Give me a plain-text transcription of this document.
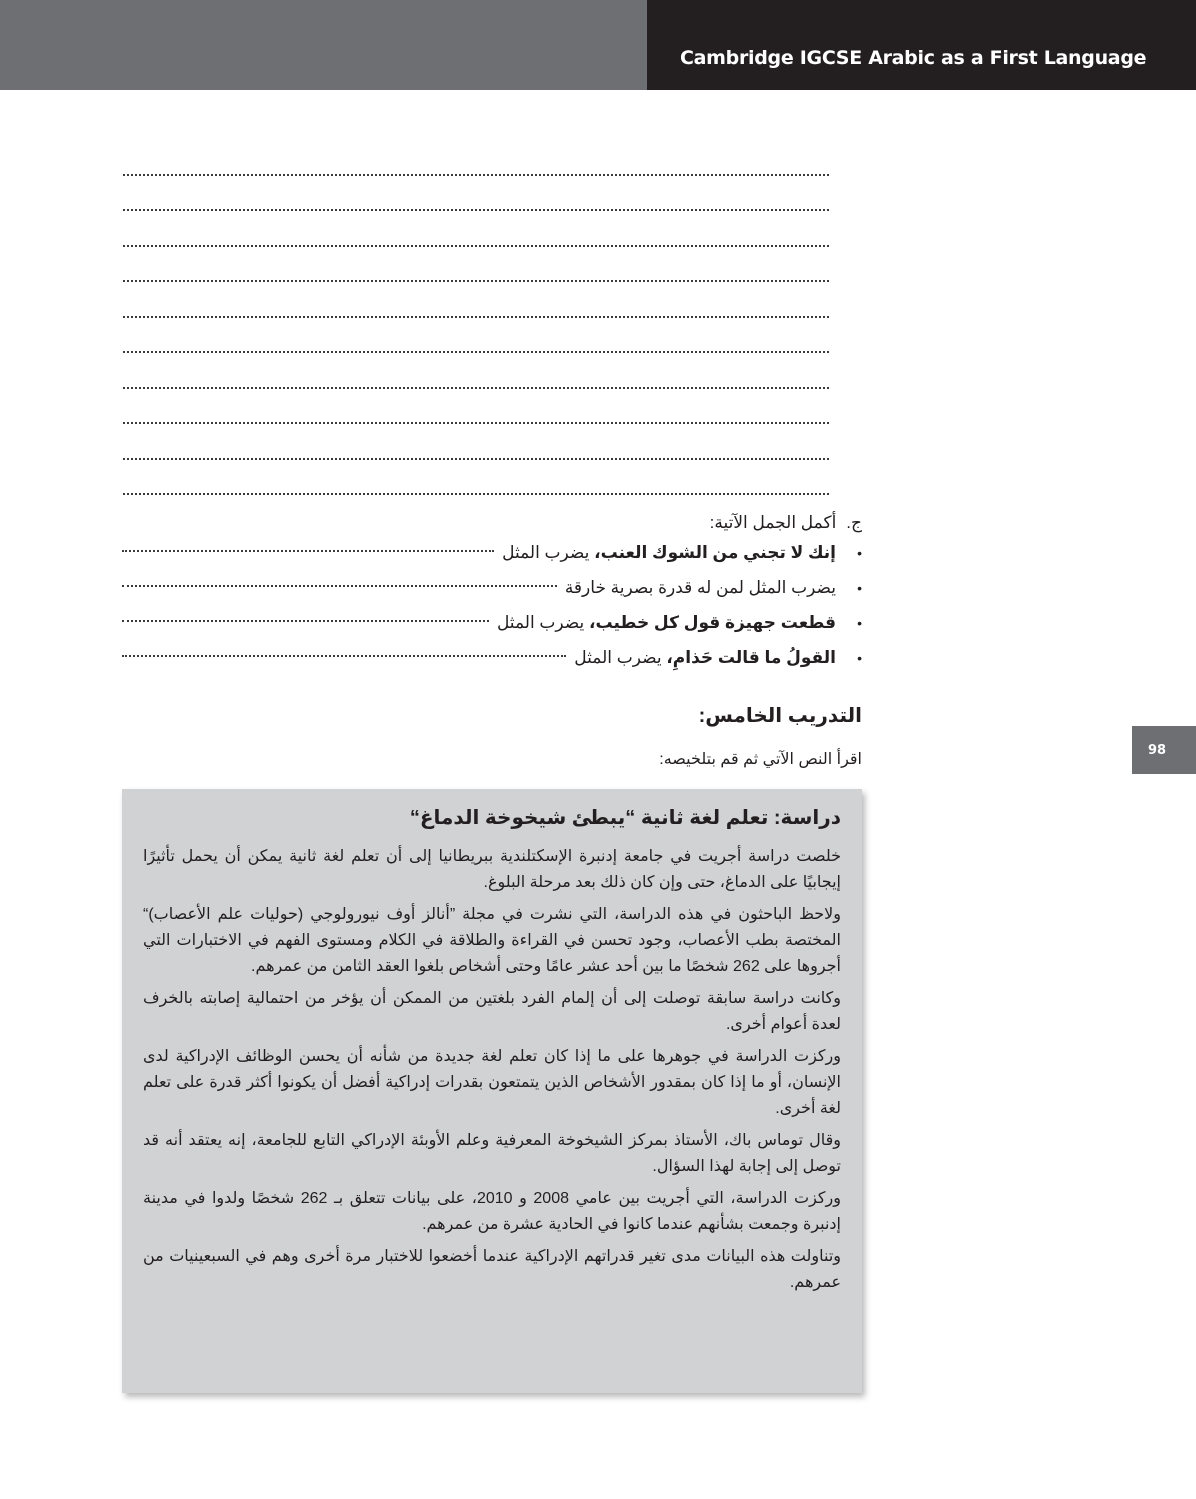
Cambridge IGCSE Arabic as a First Language
ج.
أكمل الجمل الآتية:
•
إنك لا تجني من الشوك العنب، يضرب المثل
•
يضرب المثل لمن له قدرة بصرية خارقة
•
قطعت جهيزة قول كل خطيب، يضرب المثل
•
القولُ ما قالت حَذامِ، يضرب المثل
التدريب الخامس:
اقرأ النص الآتي ثم قم بتلخيصه:
دراسة: تعلم لغة ثانية “يبطئ شيخوخة الدماغ“

خلصت دراسة أجريت في جامعة إدنبرة الإسكتلندية ببريطانيا إلى أن تعلم لغة ثانية يمكن أن يحمل تأثيرًا إيجابيًا على الدماغ، حتى وإن كان ذلك بعد مرحلة البلوغ.

ولاحظ الباحثون في هذه الدراسة، التي نشرت في مجلة ”أنالز أوف نيورولوجي (حوليات علم الأعصاب)“ المختصة بطب الأعصاب، وجود تحسن في القراءة والطلاقة في الكلام ومستوى الفهم في الاختبارات التي أجروها على 262 شخصًا ما بين أحد عشر عامًا وحتى أشخاص بلغوا العقد الثامن من عمرهم.

وكانت دراسة سابقة توصلت إلى أن إلمام الفرد بلغتين من الممكن أن يؤخر من احتمالية إصابته بالخرف لعدة أعوام أخرى.

وركزت الدراسة في جوهرها على ما إذا كان تعلم لغة جديدة من شأنه أن يحسن الوظائف الإدراكية لدى الإنسان، أو ما إذا كان بمقدور الأشخاص الذين يتمتعون بقدرات إدراكية أفضل أن يكونوا أكثر قدرة على تعلم لغة أخرى.

وقال توماس باك، الأستاذ بمركز الشيخوخة المعرفية وعلم الأوبئة الإدراكي التابع للجامعة، إنه يعتقد أنه قد توصل إلى إجابة لهذا السؤال.

وركزت الدراسة، التي أجريت بين عامي 2008 و 2010، على بيانات تتعلق بـ 262 شخصًا ولدوا في مدينة إدنبرة وجمعت بشأنهم عندما كانوا في الحادية عشرة من عمرهم.

وتناولت هذه البيانات مدى تغير قدراتهم الإدراكية عندما أخضعوا للاختبار مرة أخرى وهم في السبعينيات من عمرهم.

98
